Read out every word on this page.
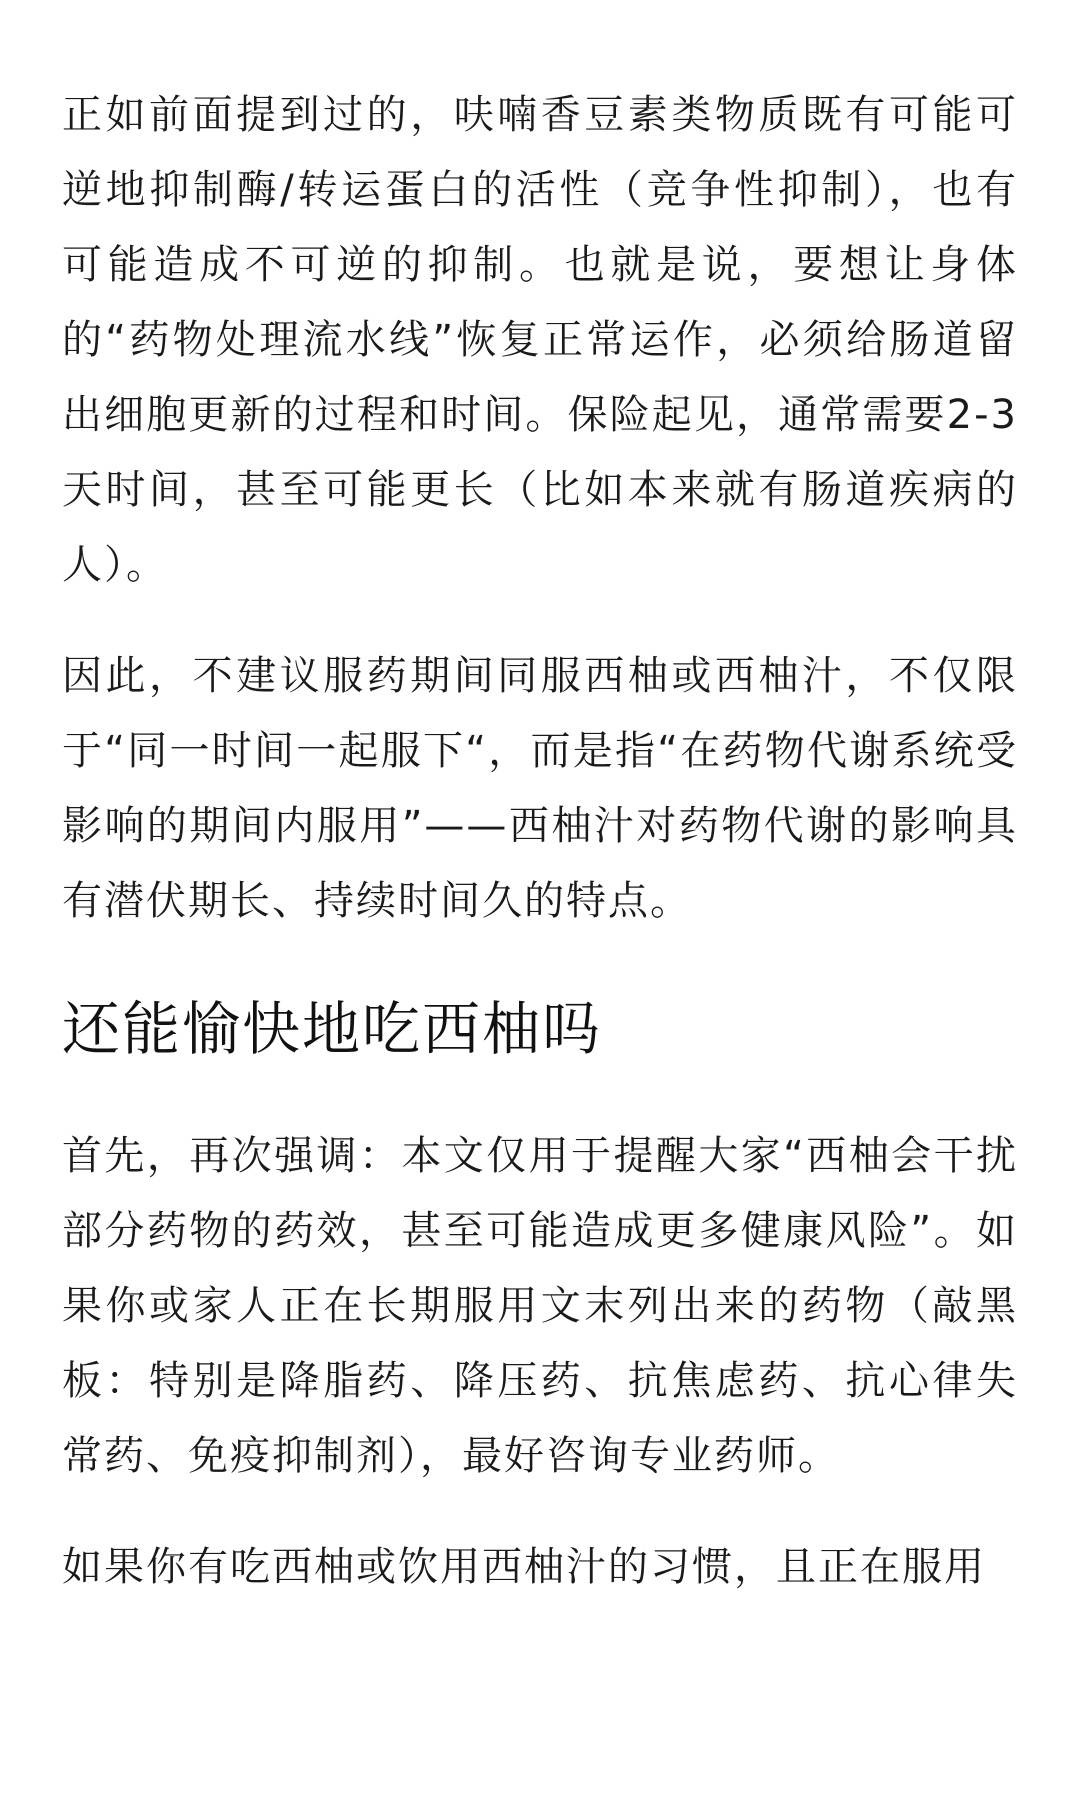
正如前面提到过的，呋喃香豆素类物质既有可能可逆地抑制酶/转运蛋白的活性（竞争性抑制），也有可能造成不可逆的抑制。也就是说，要想让身体的“药物处理流水线”恢复正常运作，必须给肠道留出细胞更新的过程和时间。保险起见，通常需要2-3天时间，甚至可能更长（比如本来就有肠道疾病的人）。

因此，不建议服药期间同服西柚或西柚汁，不仅限于“同一时间一起服下“，而是指“在药物代谢系统受影响的期间内服用”——西柚汁对药物代谢的影响具有潜伏期长、持续时间久的特点。

还能愉快地吃西柚吗

首先，再次强调：本文仅用于提醒大家“西柚会干扰部分药物的药效，甚至可能造成更多健康风险”。如果你或家人正在长期服用文末列出来的药物（敲黑板：特别是降脂药、降压药、抗焦虑药、抗心律失常药、免疫抑制剂），最好咨询专业药师。

如果你有吃西柚或饮用西柚汁的习惯，且正在服用
